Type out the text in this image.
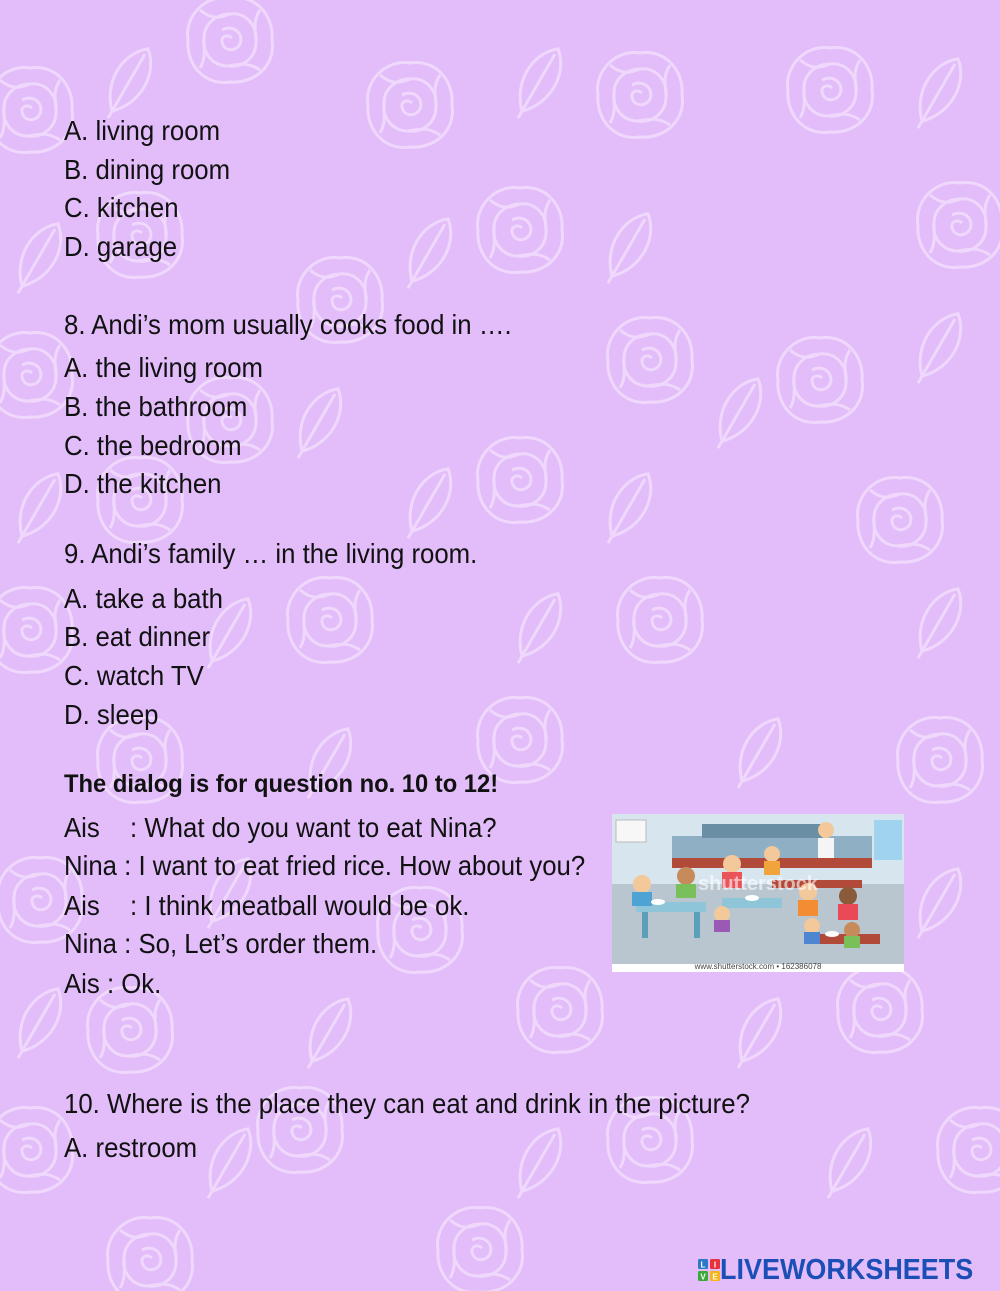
A. living room
B. dining room
C. kitchen
D. garage
8. Andi’s mom usually cooks food in ….
A. the living room
B. the bathroom
C. the bedroom
D. the kitchen
9. Andi’s family … in the living room.
A. take a bath
B. eat dinner
C. watch TV
D. sleep
The dialog is for question no. 10 to 12!
Ais : What do you want to eat Nina?
Nina : I want to eat fried rice. How about you?
Ais : I think meatball would be ok.
Nina : So, Let’s order them.
Ais : Ok.
shutterstock
www.shutterstock.com • 162386078
10. Where is the place they can eat and drink in the picture?
A. restroom
L I
V E LIVEWORKSHEETS
